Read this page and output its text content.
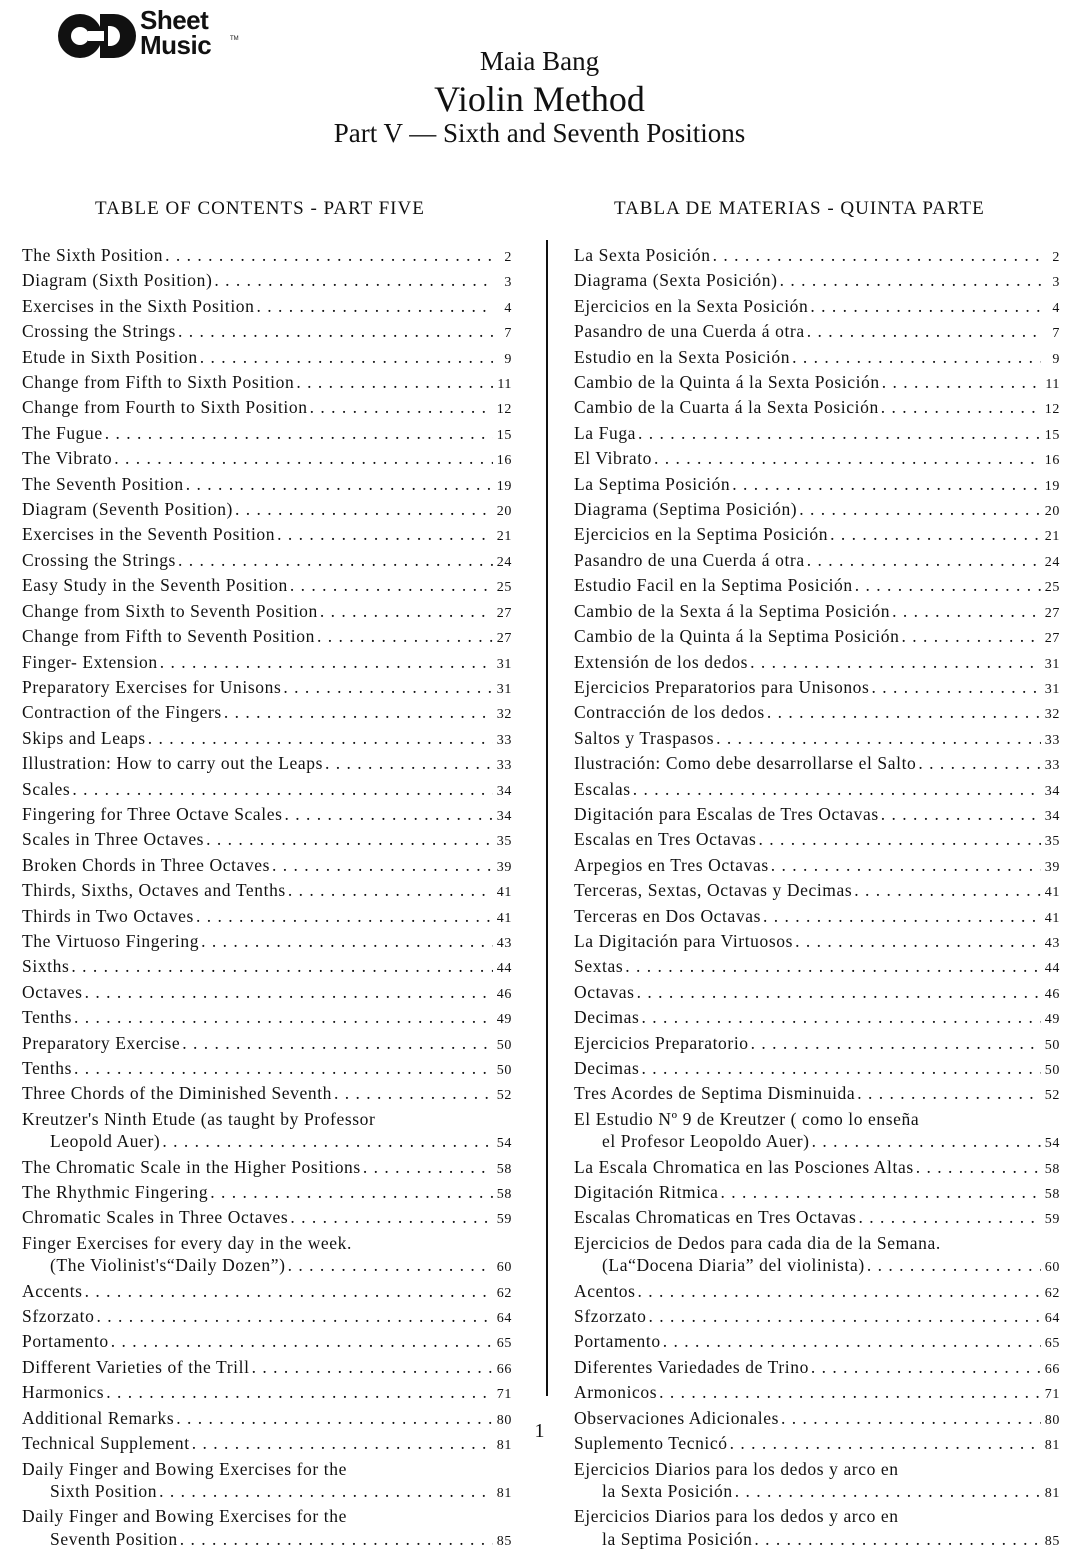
Sheet
Music	TM
Maia Bang
Violin Method
Part V — Sixth and Seventh Positions
TABLE OF CONTENTS - PART FIVE	TABLA DE MATERIAS - QUINTA PARTE
The Sixth Position . . .	2
Diagram (Sixth Position) . . .	3
Exercises in the Sixth Position . . .	4
Crossing the Strings . . .	7
Etude in Sixth Position . . .	9
Change from Fifth to Sixth Position . . .	11
Change from Fourth to Sixth Position . . .	12
The Fugue . . .	15
The Vibrato . . .	16
The Seventh Position . . .	19
Diagram (Seventh Position) . . .	20
Exercises in the Seventh Position . . .	21
Crossing the Strings . . .	24
Easy Study in the Seventh Position . . .	25
Change from Sixth to Seventh Position . . .	27
Change from Fifth to Seventh Position . . .	27
Finger- Extension . . .	31
Preparatory Exercises for Unisons . . .	31
Contraction of the Fingers . . .	32
Skips and Leaps . . .	33
Illustration: How to carry out the Leaps . . .	33
Scales . . .	34
Fingering for Three Octave Scales . . .	34
Scales in Three Octaves . . .	35
Broken Chords in Three Octaves . . .	39
Thirds, Sixths, Octaves and Tenths . . .	41
Thirds in Two Octaves . . .	41
The Virtuoso Fingering . . .	43
Sixths . . .	44
Octaves . . .	46
Tenths . . .	49
Preparatory Exercise . . .	50
Tenths . . .	50
Three Chords of the Diminished Seventh . . .	52
Kreutzer's Ninth Etude (as taught by Professor
Leopold Auer) . . .	54
The Chromatic Scale in the Higher Positions . . .	58
The Rhythmic Fingering . . .	58
Chromatic Scales in Three Octaves . . .	59
Finger Exercises for every day in the week.
(The Violinist's“Daily Dozen”) . . .	60
Accents . . .	62
Sfzorzato . . .	64
Portamento . . .	65
Different Varieties of the Trill . . .	66
Harmonics . . .	71
Additional Remarks . . .	80
Technical Supplement . . .	81
Daily Finger and Bowing Exercises for the
Sixth Position . . .	81
Daily Finger and Bowing Exercises for the
Seventh Position . . .	85
La Sexta Posición . . .	2
Diagrama (Sexta Posición) . . .	3
Ejercicios en la Sexta Posición . . .	4
Pasandro de una Cuerda á otra . . .	7
Estudio en la Sexta Posición . . .	9
Cambio de la Quinta á la Sexta Posición . . .	11
Cambio de la Cuarta á la Sexta Posición . . .	12
La Fuga . . .	15
El Vibrato . . .	16
La Septima Posición . . .	19
Diagrama (Septima Posición) . . .	20
Ejercicios en la Septima Posición . . .	21
Pasandro de una Cuerda á otra . . .	24
Estudio Facil en la Septima Posición . . .	25
Cambio de la Sexta á la Septima Posición . . .	27
Cambio de la Quinta á la Septima Posición . . .	27
Extensión de los dedos . . .	31
Ejercicios Preparatorios para Unisonos . . .	31
Contracción de los dedos . . .	32
Saltos y Traspasos . . .	33
Ilustración: Como debe desarrollarse el Salto . . .	33
Escalas . . .	34
Digitación para Escalas de Tres Octavas . . .	34
Escalas en Tres Octavas . . .	35
Arpegios en Tres Octavas . . .	39
Terceras, Sextas, Octavas y Decimas . . .	41
Terceras en Dos Octavas . . .	41
La Digitación para Virtuosos . . .	43
Sextas . . .	44
Octavas . . .	46
Decimas . . .	49
Ejercicios Preparatorio . . .	50
Decimas . . .	50
Tres Acordes de Septima Disminuida . . .	52
El Estudio Nº 9 de Kreutzer ( como lo enseña
el Profesor Leopoldo Auer) . . .	54
La Escala Chromatica en las Posciones Altas . . .	58
Digitación Ritmica . . .	58
Escalas Chromaticas en Tres Octavas . . .	59
Ejercicios de Dedos para cada dia de la Semana.
(La“Docena Diaria” del violinista) . . .	60
Acentos . . .	62
Sfzorzato . . .	64
Portamento . . .	65
Diferentes Variedades de Trino . . .	66
Armonicos . . .	71
Observaciones Adicionales . . .	80
Suplemento Tecnicó . . .	81
Ejercicios Diarios para los dedos y arco en
la Sexta Posición . . .	81
Ejercicios Diarios para los dedos y arco en
la Septima Posición . . .	85
1
